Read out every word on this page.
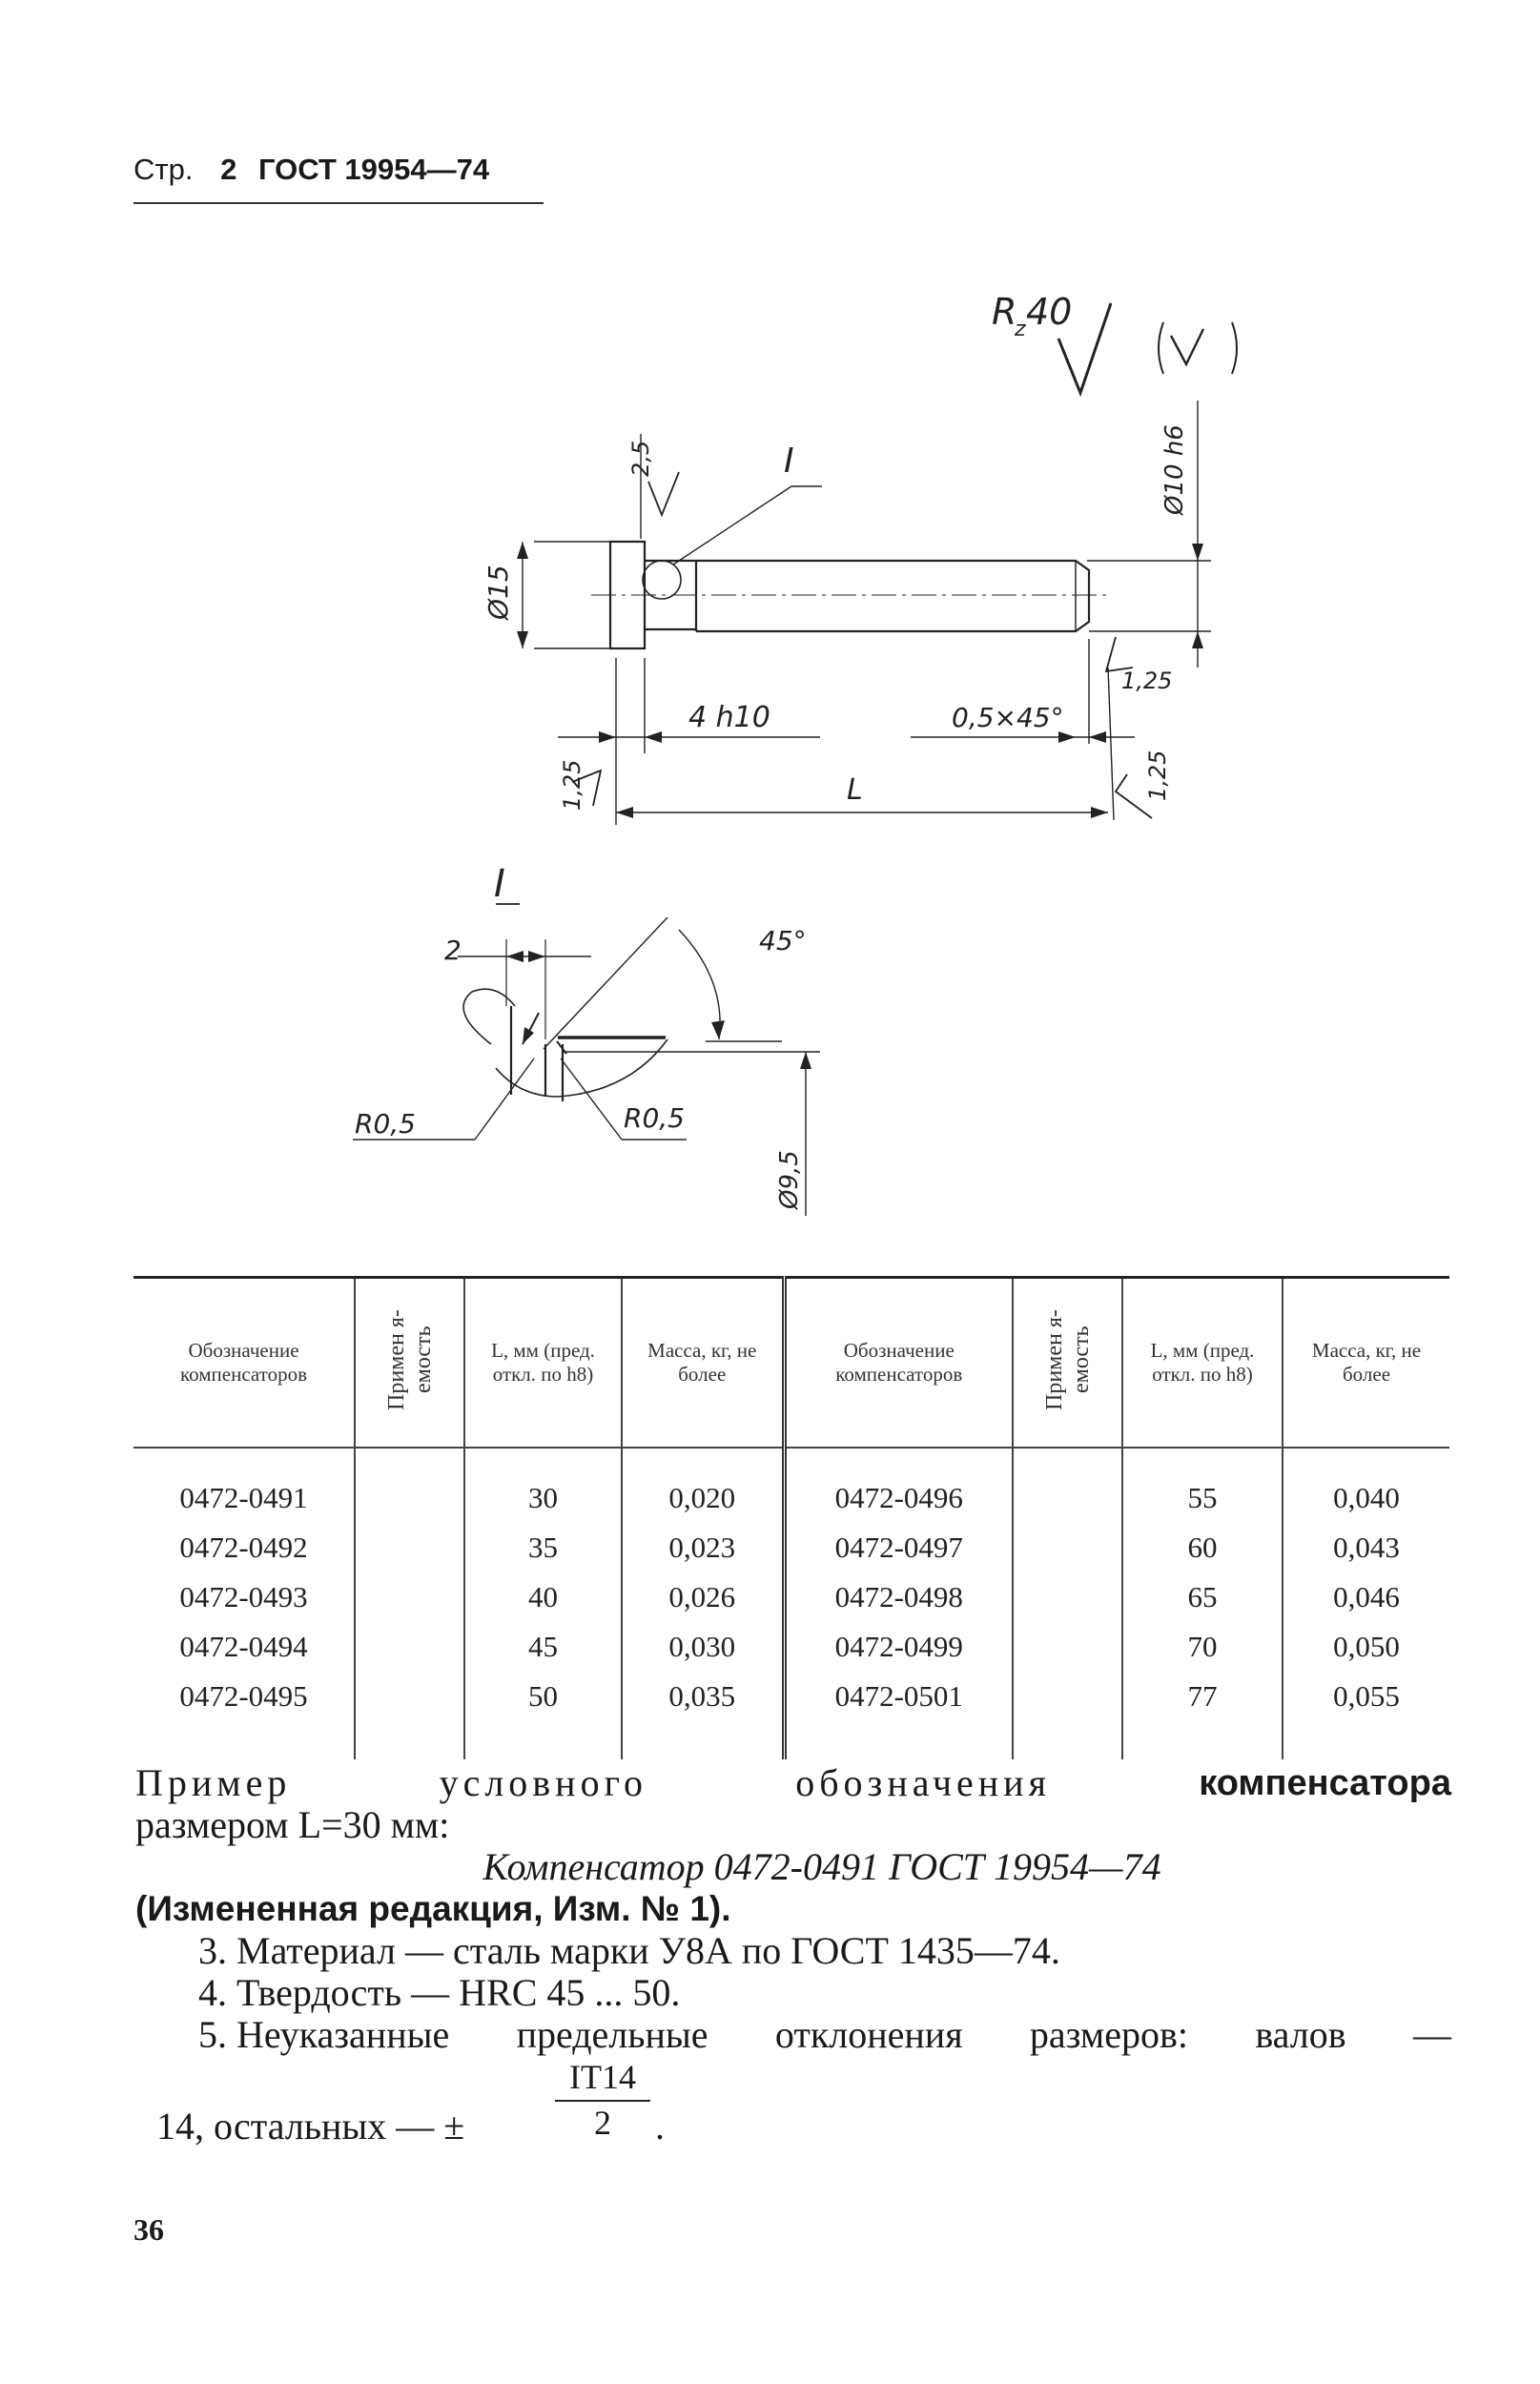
Стр. 2 ГОСТ 19954—74
R
z 40
Ø10 h6
Ø15
2,5	I
4 h10	0,5×45°
1,25
1,25	1,25
L
I
2	45°
R0,5	R0,5
Ø9,5
Обозначение компенсаторов	Примен я-емость	L, мм (пред. откл. по h8)	Масса, кг, не более	Обозначение компенсаторов	Примен я-емость	L, мм (пред. откл. по h8)	Масса, кг, не более
0472-0491		30	0,020	0472-0496		55	0,040
0472-0492		35	0,023	0472-0497		60	0,043
0472-0493		40	0,026	0472-0498		65	0,046
0472-0494		45	0,030	0472-0499		70	0,050
0472-0495		50	0,035	0472-0501		77	0,055

Пример	условного	обозначения	компенсатора

размером L=30 мм:

Компенсатор 0472-0491 ГОСТ 19954—74

(Измененная редакция, Изм. № 1).

3. Материал — сталь марки У8А по ГОСТ 1435—74.

4. Твердость — HRC 45 ... 50.

5. Неуказанные предельные отклонения размеров: валов —

14, остальных — ±	$\frac{IT14}{2}$ .
36
